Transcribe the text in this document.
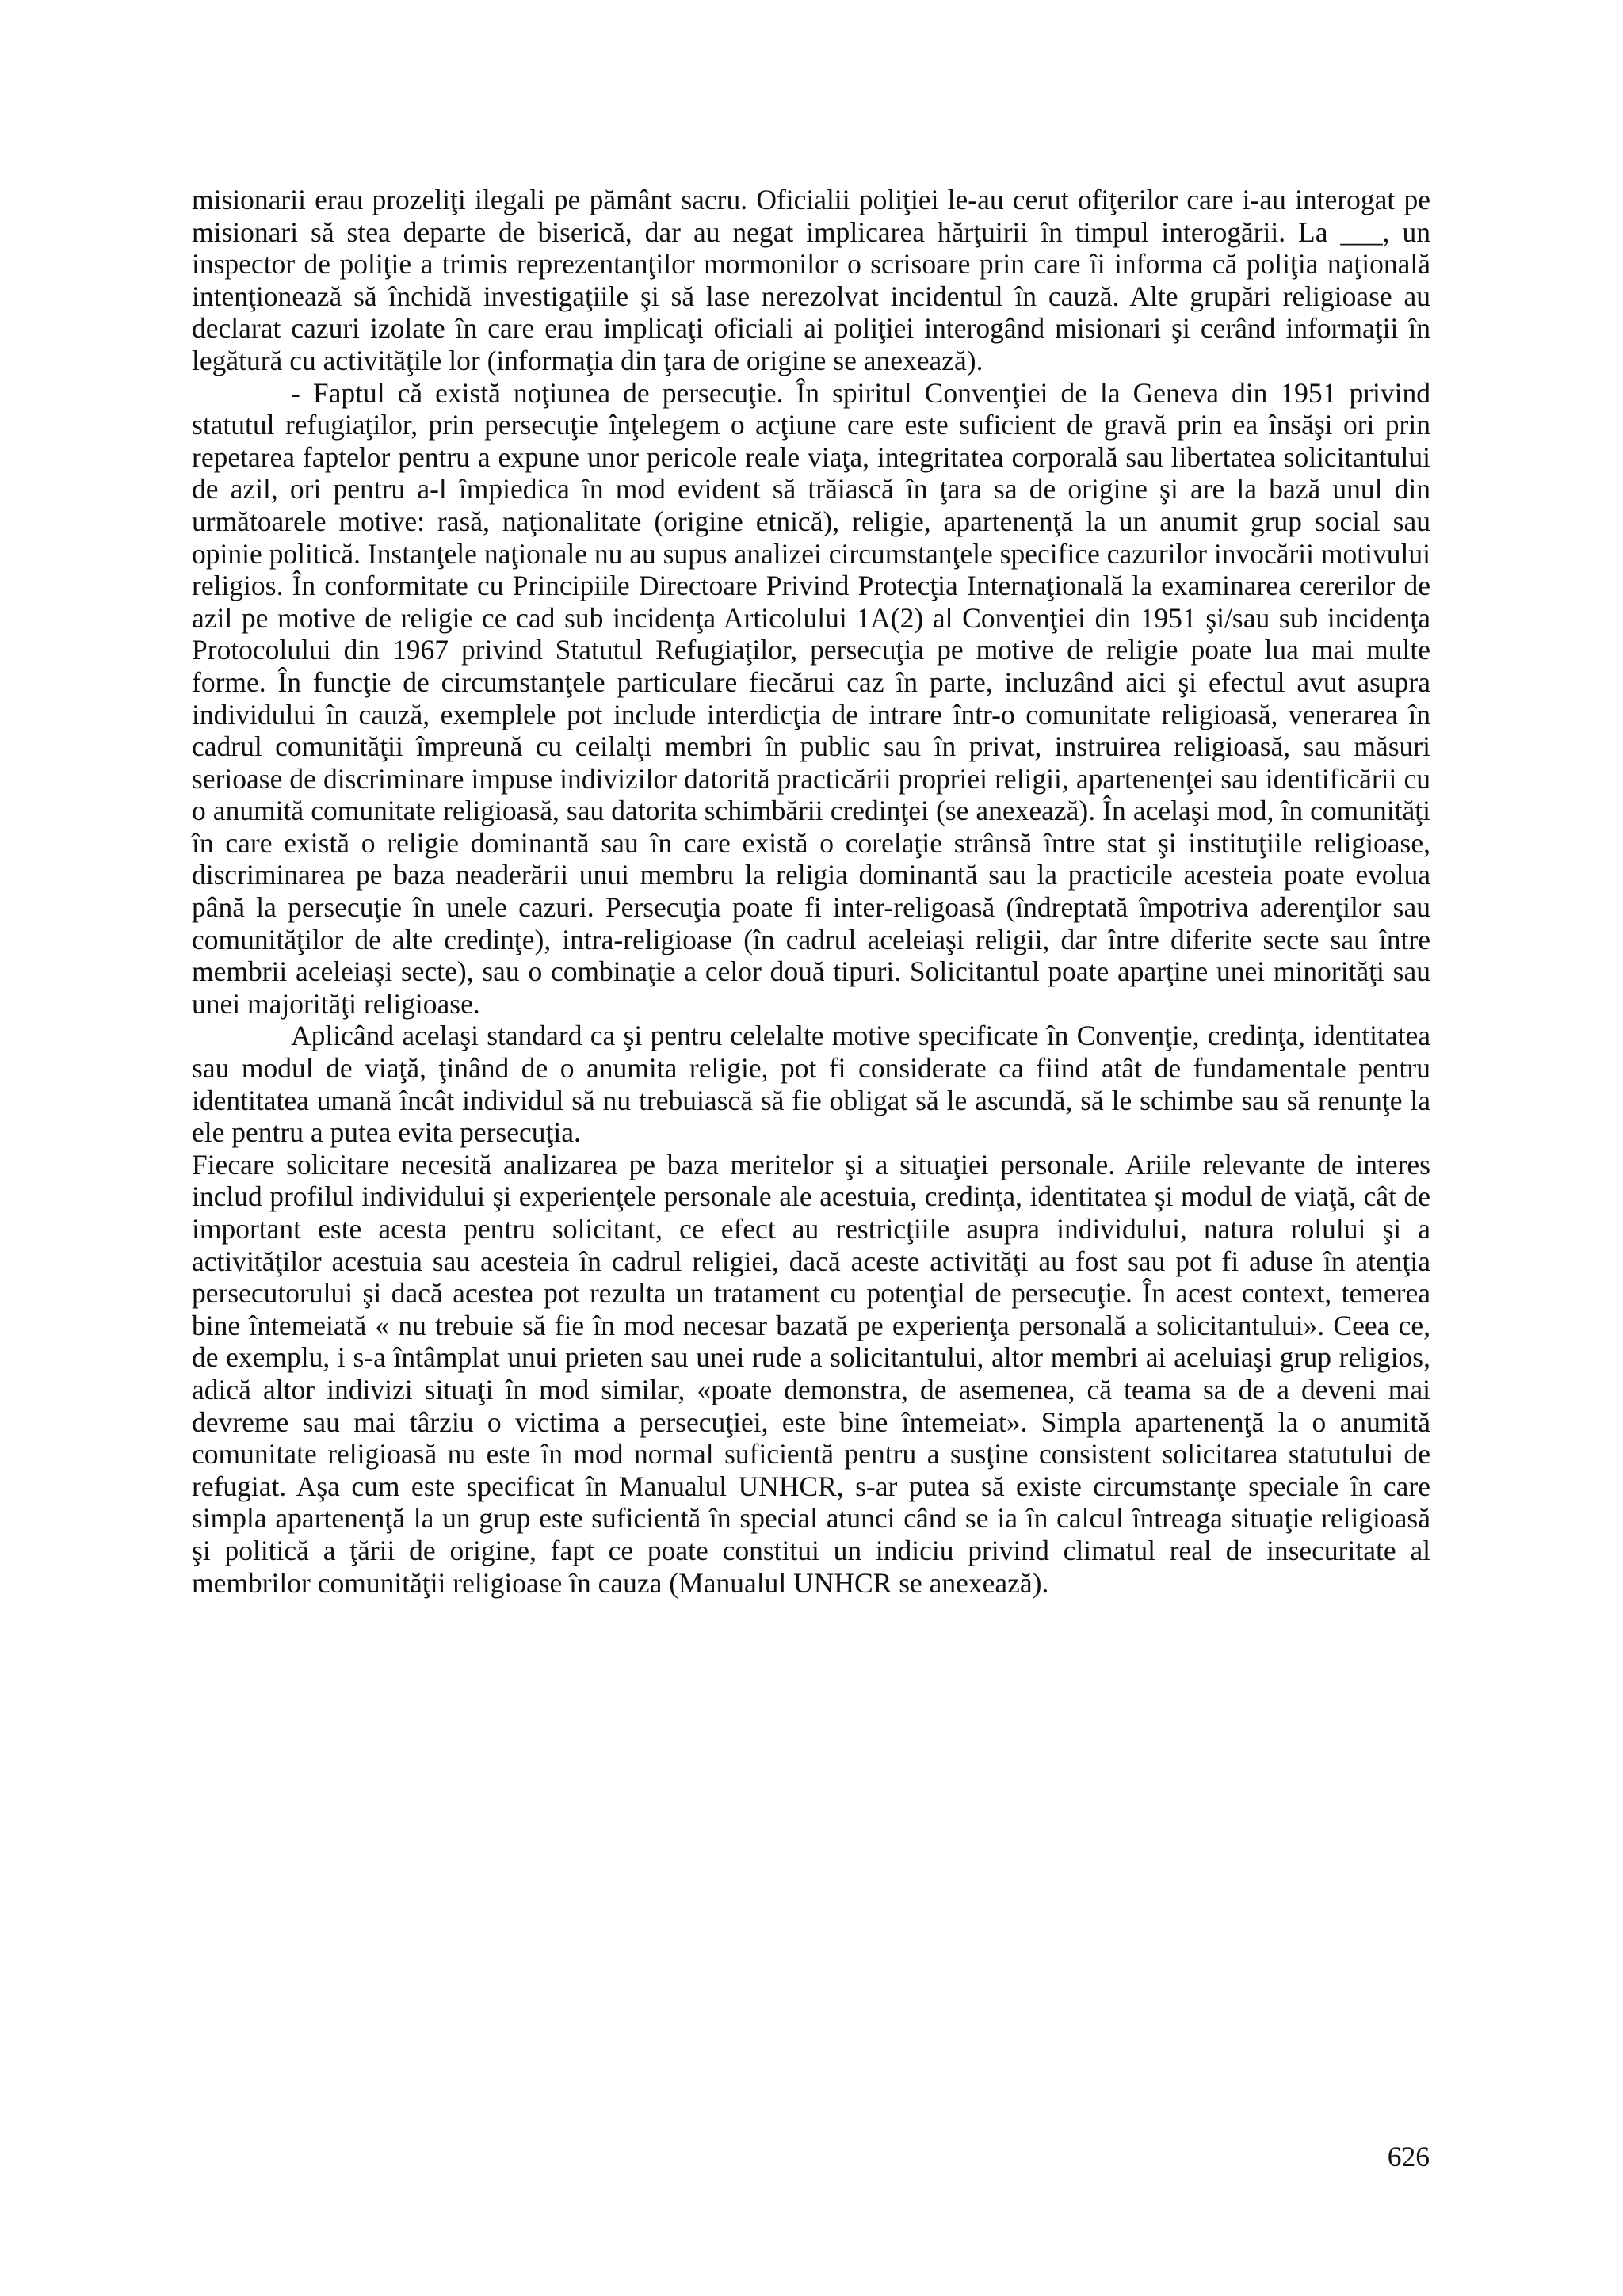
misionarii erau prozeliţi ilegali pe pământ sacru. Oficialii poliţiei le-au cerut ofiţerilor care i-au interogat pe misionari să stea departe de biserică, dar au negat implicarea hărţuirii în timpul interogării. La ___, un inspector de poliţie a trimis reprezentanţilor mormonilor o scrisoare prin care îi informa că poliţia naţională intenţionează să închidă investigaţiile şi să lase nerezolvat incidentul în cauză. Alte grupări religioase au declarat cazuri izolate în care erau implicaţi oficiali ai poliţiei interogând misionari şi cerând informaţii în legătură cu activităţile lor (informaţia din ţara de origine se anexează).

- Faptul că există noţiunea de persecuţie. În spiritul Convenţiei de la Geneva din 1951 privind statutul refugiaţilor, prin persecuţie înţelegem o acţiune care este suficient de gravă prin ea însăşi ori prin repetarea faptelor pentru a expune unor pericole reale viaţa, integritatea corporală sau libertatea solicitantului de azil, ori pentru a-l împiedica în mod evident să trăiască în ţara sa de origine şi are la bază unul din următoarele motive: rasă, naţionalitate (origine etnică), religie, apartenenţă la un anumit grup social sau opinie politică. Instanţele naţionale nu au supus analizei circumstanţele specifice cazurilor invocării motivului religios. În conformitate cu Principiile Directoare Privind Protecţia Internaţională la examinarea cererilor de azil pe motive de religie ce cad sub incidenţa Articolului 1A(2) al Convenţiei din 1951 şi/sau sub incidenţa Protocolului din 1967 privind Statutul Refugiaţilor, persecuţia pe motive de religie poate lua mai multe forme. În funcţie de circumstanţele particulare fiecărui caz în parte, incluzând aici şi efectul avut asupra individului în cauză, exemplele pot include interdicţia de intrare într-o comunitate religioasă, venerarea în cadrul comunităţii împreună cu ceilalţi membri în public sau în privat, instruirea religioasă, sau măsuri serioase de discriminare impuse indivizilor datorită practicării propriei religii, apartenenţei sau identificării cu o anumită comunitate religioasă, sau datorita schimbării credinţei (se anexează). În acelaşi mod, în comunităţi în care există o religie dominantă sau în care există o corelaţie strânsă între stat şi instituţiile religioase, discriminarea pe baza neaderării unui membru la religia dominantă sau la practicile acesteia poate evolua până la persecuţie în unele cazuri. Persecuţia poate fi inter-religoasă (îndreptată împotriva aderenţilor sau comunităţilor de alte credinţe), intra-religioase (în cadrul aceleiaşi religii, dar între diferite secte sau între membrii aceleiaşi secte), sau o combinaţie a celor două tipuri. Solicitantul poate aparţine unei minorităţi sau unei majorităţi religioase.

Aplicând acelaşi standard ca şi pentru celelalte motive specificate în Convenţie, credinţa, identitatea sau modul de viaţă, ţinând de o anumita religie, pot fi considerate ca fiind atât de fundamentale pentru identitatea umană încât individul să nu trebuiască să fie obligat să le ascundă, să le schimbe sau să renunţe la ele pentru a putea evita persecuţia.

Fiecare solicitare necesită analizarea pe baza meritelor şi a situaţiei personale. Ariile relevante de interes includ profilul individului şi experienţele personale ale acestuia, credinţa, identitatea şi modul de viaţă, cât de important este acesta pentru solicitant, ce efect au restricţiile asupra individului, natura rolului şi a activităţilor acestuia sau acesteia în cadrul religiei, dacă aceste activităţi au fost sau pot fi aduse în atenţia persecutorului şi dacă acestea pot rezulta un tratament cu potenţial de persecuţie. În acest context, temerea bine întemeiată « nu trebuie să fie în mod necesar bazată pe experienţa personală a solicitantului». Ceea ce, de exemplu, i s-a întâmplat unui prieten sau unei rude a solicitantului, altor membri ai aceluiaşi grup religios, adică altor indivizi situaţi în mod similar, «poate demonstra, de asemenea, că teama sa de a deveni mai devreme sau mai târziu o victima a persecuţiei, este bine întemeiat». Simpla apartenenţă la o anumită comunitate religioasă nu este în mod normal suficientă pentru a susţine consistent solicitarea statutului de refugiat. Aşa cum este specificat în Manualul UNHCR, s-ar putea să existe circumstanţe speciale în care simpla apartenenţă la un grup este suficientă în special atunci când se ia în calcul întreaga situaţie religioasă şi politică a ţării de origine, fapt ce poate constitui un indiciu privind climatul real de insecuritate al membrilor comunităţii religioase în cauza (Manualul UNHCR se anexează).

626
